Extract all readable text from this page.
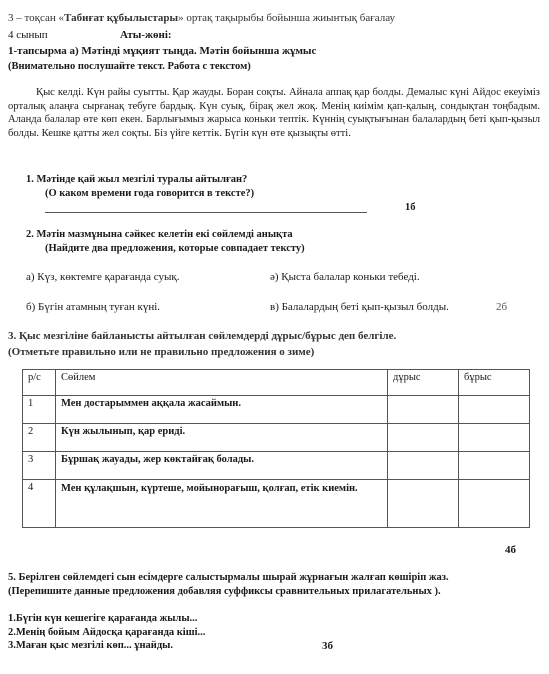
3 – тоқсан «Табиғат құбылыстары» ортақ тақырыбы бойынша жиынтық бағалау
4 сынып	Аты-жөні:
1-тапсырма а) Мәтінді мұқият тыңда. Мәтін бойынша жұмыс
(Внимательно послушайте текст. Работа с текстом)
Қыс келді. Күн райы суытты. Қар жауды. Боран соқты. Айнала аппақ қар болды. Демалыс күні Айдос екеуіміз орталық алаңға сырғанақ тебуге бардық. Күн суық, бірақ жел жоқ. Менің киімім қап-қалың, сондықтан тоңбадым. Аланда балалар өте көп екен. Барлығымыз жарыса коньки тептік. Күннің суықтығынан балалардың беті қып-қызыл болды. Кешке қатты жел соқты. Біз үйге кеттік. Бүгін күн өте қызықты өтті.
1. Мәтінде қай жыл мезгілі туралы айтылған?
(О каком времени года говорится в тексте?)
1б
2. Мәтін мазмұнына сәйкес келетін екі сөйлемді анықта
(Найдите два предложения, которые совпадает тексту)
а) Күз, көктемге қарағанда суық.	ә) Қыста балалар коньки тебеді.
б) Бүгін атамның туған күні.	в) Балалардың беті қып-қызыл болды.	2б
3. Қыс мезгіліне байланысты айтылған сөйлемдерді дұрыс/бұрыс деп белгіле.
(Отметьте правильно или не правильно предложения о зиме)
р/с	Сөйлем	дұрыс	бұрыс
1	Мен достарыммен аққала жасаймын.		
2	Күн жылынып, қар ериді.		
3	Бұршақ жауады, жер көктайғақ болады.		
4	Мен құлақшын, күртеше, мойынорағыш, қолғап, етік киемін.		
4б
5. Берілген сөйлемдегі сын есімдерге салыстырмалы шырай жұрнағын жалғап көшіріп жаз.
(Перепишите данные предложения добавляя суффиксы сравнительных прилагательных ).
1.Бүгін күн кешегіге қарағанда жылы...
2.Менің бойым Айдосқа қарағанда кіші...
3.Маған қыс мезгілі көп... ұнайды.	3б
